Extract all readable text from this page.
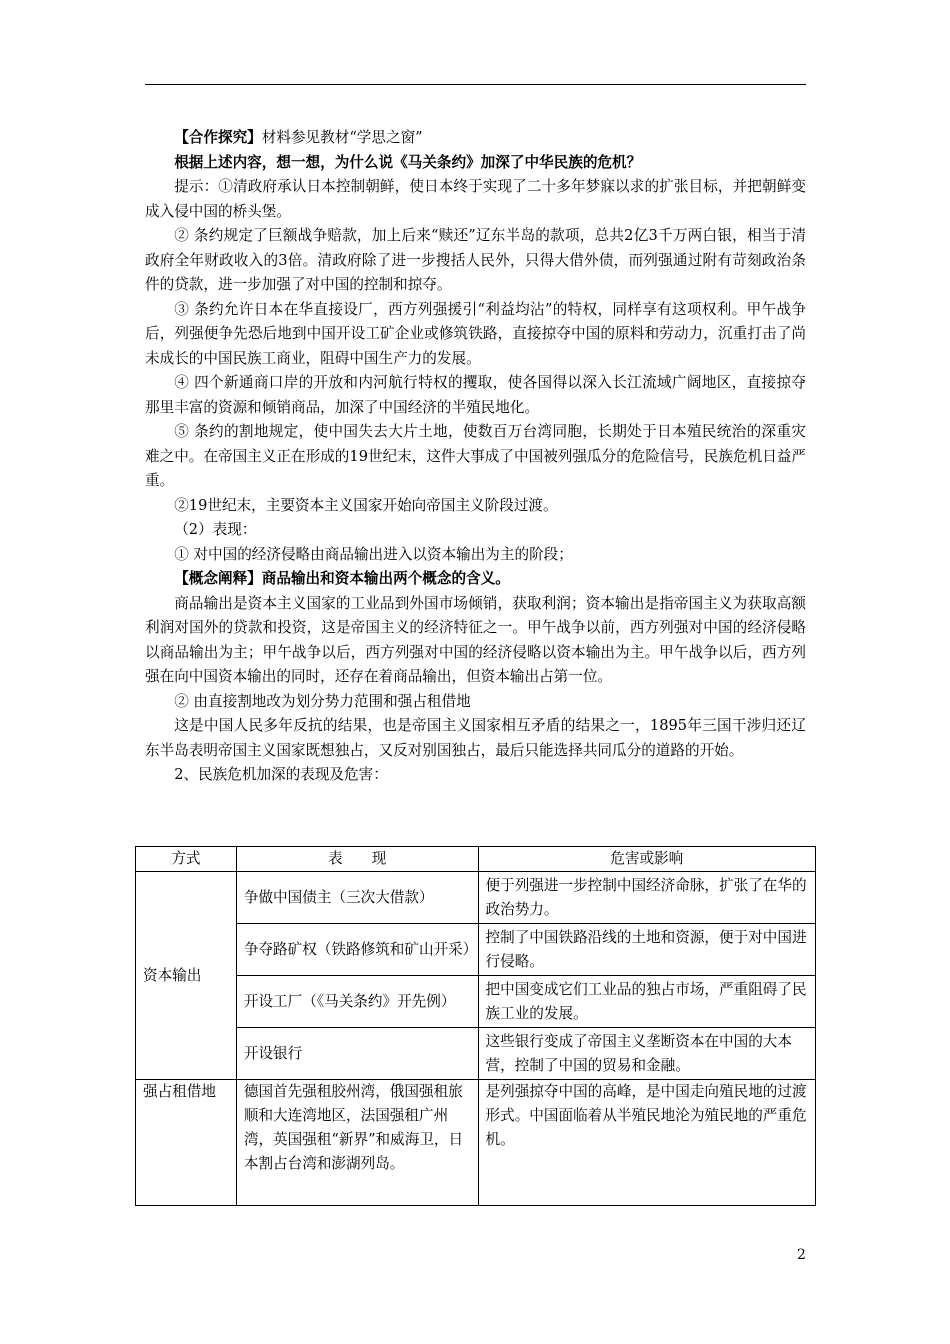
【合作探究】材料参见教材“学思之窗”

根据上述内容，想一想，为什么说《马关条约》加深了中华民族的危机？

提示：①清政府承认日本控制朝鲜，使日本终于实现了二十多年梦寐以求的扩张目标，并把朝鲜变成入侵中国的桥头堡。

② 条约规定了巨额战争赔款，加上后来“赎还”辽东半岛的款项，总共2亿3千万两白银，相当于清政府全年财政收入的3倍。清政府除了进一步搜括人民外，只得大借外债，而列强通过附有苛刻政治条件的贷款，进一步加强了对中国的控制和掠夺。

③ 条约允许日本在华直接设厂，西方列强援引“利益均沾”的特权，同样享有这项权利。甲午战争后，列强便争先恐后地到中国开设工矿企业或修筑铁路，直接掠夺中国的原料和劳动力，沉重打击了尚未成长的中国民族工商业，阻碍中国生产力的发展。

④ 四个新通商口岸的开放和内河航行特权的攫取，使各国得以深入长江流域广阔地区，直接掠夺那里丰富的资源和倾销商品，加深了中国经济的半殖民地化。

⑤ 条约的割地规定，使中国失去大片土地，使数百万台湾同胞，长期处于日本殖民统治的深重灾难之中。在帝国主义正在形成的19世纪末，这件大事成了中国被列强瓜分的危险信号，民族危机日益严重。

②19世纪末，主要资本主义国家开始向帝国主义阶段过渡。

（2）表现：

① 对中国的经济侵略由商品输出进入以资本输出为主的阶段；

【概念阐释】商品输出和资本输出两个概念的含义。

商品输出是资本主义国家的工业品到外国市场倾销，获取利润；资本输出是指帝国主义为获取高额利润对国外的贷款和投资，这是帝国主义的经济特征之一。甲午战争以前，西方列强对中国的经济侵略以商品输出为主；甲午战争以后，西方列强对中国的经济侵略以资本输出为主。甲午战争以后，西方列强在向中国资本输出的同时，还存在着商品输出，但资本输出占第一位。

② 由直接割地改为划分势力范围和强占租借地

这是中国人民多年反抗的结果，也是帝国主义国家相互矛盾的结果之一，1895年三国干涉归还辽东半岛表明帝国主义国家既想独占，又反对别国独占，最后只能选择共同瓜分的道路的开始。

2、民族危机加深的表现及危害：

方式	表　　现	危害或影响
资本输出	争做中国债主（三次大借款）	便于列强进一步控制中国经济命脉，扩张了在华的政治势力。
	争夺路矿权（铁路修筑和矿山开采）	控制了中国铁路沿线的土地和资源，便于对中国进行侵略。
	开设工厂（《马关条约》开先例）	把中国变成它们工业品的独占市场，严重阻碍了民族工业的发展。
	开设银行	这些银行变成了帝国主义垄断资本在中国的大本营，控制了中国的贸易和金融。
强占租借地	德国首先强租胶州湾，俄国强租旅顺和大连湾地区，法国强租广州湾，英国强租“新界”和威海卫，日本割占台湾和澎湖列岛。	是列强掠夺中国的高峰，是中国走向殖民地的过渡形式。中国面临着从半殖民地沦为殖民地的严重危机。
2
